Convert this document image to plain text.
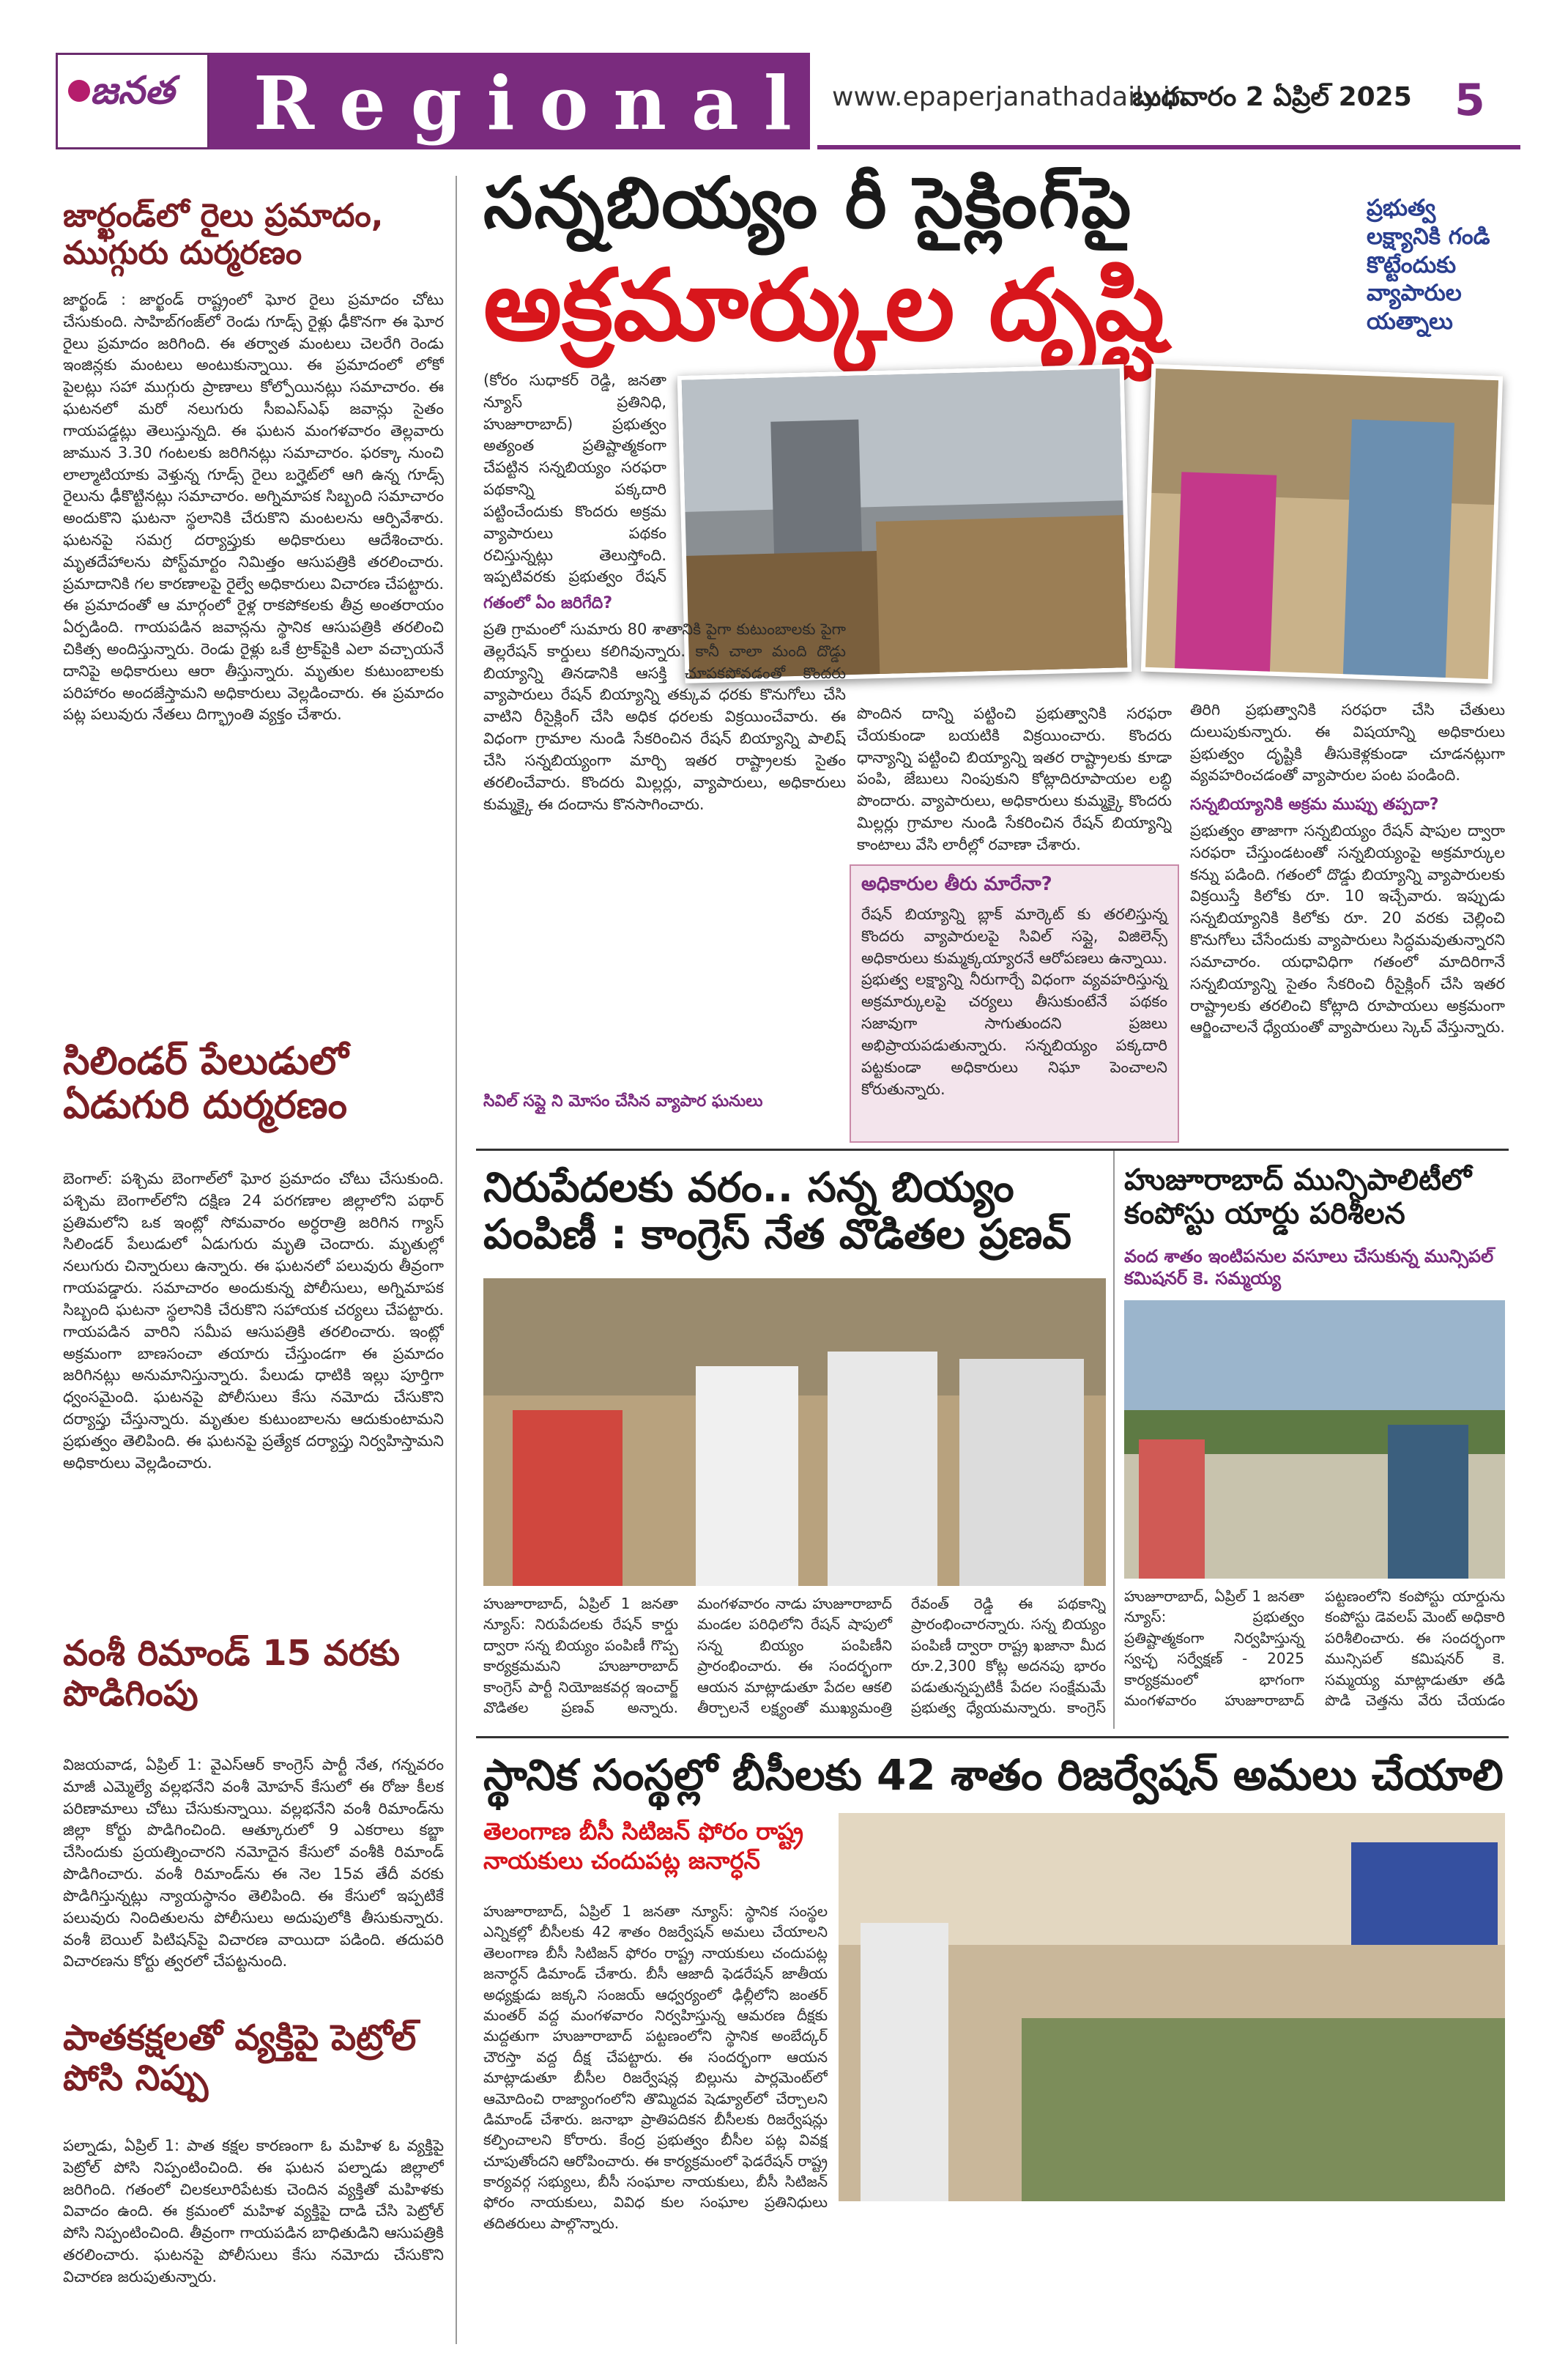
జనత Regional www.epaperjanathadaily.in
బుధవారం 2 ఏప్రిల్ 2025 5
జార్ఖండ్‌లో రైలు ప్రమాదం, ముగ్గురు దుర్మరణం
జార్ఖండ్ : జార్ఖండ్ రాష్ట్రంలో ఘోర రైలు ప్రమాదం చోటు చేసుకుంది. సాహిబ్‌గంజ్‌లో రెండు గూడ్స్ రైళ్లు ఢీకొనగా ఈ ఘోర రైలు ప్రమాదం జరిగింది. ఈ తర్వాత మంటలు చెలరేగి రెండు ఇంజిన్లకు మంటలు అంటుకున్నాయి. ఈ ప్రమాదంలో లోకో పైలట్లు సహా ముగ్గురు ప్రాణాలు కోల్పోయినట్లు సమాచారం. ఈ ఘటనలో మరో నలుగురు సీఐఎస్‌ఎఫ్ జవాన్లు సైతం గాయపడ్డట్లు తెలుస్తున్నది. ఈ ఘటన మంగళవారం తెల్లవారు జామున 3.30 గంటలకు జరిగినట్లు సమాచారం. ఫరక్కా నుంచి లాల్మాటియాకు వెళ్తున్న గూడ్స్ రైలు బర్హెట్‌లో ఆగి ఉన్న గూడ్స్ రైలును ఢీకొట్టినట్లు సమాచారం. అగ్నిమాపక సిబ్బంది సమాచారం అందుకొని ఘటనా స్థలానికి చేరుకొని మంటలను ఆర్పివేశారు. ఘటనపై సమగ్ర దర్యాప్తుకు అధికారులు ఆదేశించారు. మృతదేహాలను పోస్ట్‌మార్టం నిమిత్తం ఆసుపత్రికి తరలించారు. ప్రమాదానికి గల కారణాలపై రైల్వే అధికారులు విచారణ చేపట్టారు. ఈ ప్రమాదంతో ఆ మార్గంలో రైళ్ల రాకపోకలకు తీవ్ర అంతరాయం ఏర్పడింది. గాయపడిన జవాన్లను స్థానిక ఆసుపత్రికి తరలించి చికిత్స అందిస్తున్నారు. రెండు రైళ్లు ఒకే ట్రాక్‌పైకి ఎలా వచ్చాయనే దానిపై అధికారులు ఆరా తీస్తున్నారు. మృతుల కుటుంబాలకు పరిహారం అందజేస్తామని అధికారులు వెల్లడించారు. ఈ ప్రమాదం పట్ల పలువురు నేతలు దిగ్భ్రాంతి వ్యక్తం చేశారు.
సిలిండర్ పేలుడులో ఏడుగురి దుర్మరణం
బెంగాల్: పశ్చిమ బెంగాల్‌లో ఘోర ప్రమాదం చోటు చేసుకుంది. పశ్చిమ బెంగాల్‌లోని దక్షిణ 24 పరగణాల జిల్లాలోని పథార్ ప్రతిమలోని ఒక ఇంట్లో సోమవారం అర్ధరాత్రి జరిగిన గ్యాస్ సిలిండర్ పేలుడులో ఏడుగురు మృతి చెందారు. మృతుల్లో నలుగురు చిన్నారులు ఉన్నారు. ఈ ఘటనలో పలువురు తీవ్రంగా గాయపడ్డారు. సమాచారం అందుకున్న పోలీసులు, అగ్నిమాపక సిబ్బంది ఘటనా స్థలానికి చేరుకొని సహాయక చర్యలు చేపట్టారు. గాయపడిన వారిని సమీప ఆసుపత్రికి తరలించారు. ఇంట్లో అక్రమంగా బాణసంచా తయారు చేస్తుండగా ఈ ప్రమాదం జరిగినట్లు అనుమానిస్తున్నారు. పేలుడు ధాటికి ఇల్లు పూర్తిగా ధ్వంసమైంది. ఘటనపై పోలీసులు కేసు నమోదు చేసుకొని దర్యాప్తు చేస్తున్నారు. మృతుల కుటుంబాలను ఆదుకుంటామని ప్రభుత్వం తెలిపింది. ఈ ఘటనపై ప్రత్యేక దర్యాప్తు నిర్వహిస్తామని అధికారులు వెల్లడించారు.
వంశీ రిమాండ్ 15 వరకు పొడిగింపు
విజయవాడ, ఏప్రిల్ 1: వైఎస్ఆర్ కాంగ్రెస్ పార్టీ నేత, గన్నవరం మాజీ ఎమ్మెల్యే వల్లభనేని వంశీ మోహన్ కేసులో ఈ రోజు కీలక పరిణామాలు చోటు చేసుకున్నాయి. వల్లభనేని వంశీ రిమాండ్‌ను జిల్లా కోర్టు పొడిగించింది. ఆత్కూరులో 9 ఎకరాలు కబ్జా చేసిందుకు ప్రయత్నించారని నమోదైన కేసులో వంశీకి రిమాండ్ పొడిగించారు. వంశీ రిమాండ్‌ను ఈ నెల 15వ తేదీ వరకు పొడిగిస్తున్నట్లు న్యాయస్థానం తెలిపింది. ఈ కేసులో ఇప్పటికే పలువురు నిందితులను పోలీసులు అదుపులోకి తీసుకున్నారు. వంశీ బెయిల్ పిటిషన్‌పై విచారణ వాయిదా పడింది. తదుపరి విచారణను కోర్టు త్వరలో చేపట్టనుంది.
పాతకక్షలతో వ్యక్తిపై పెట్రోల్ పోసి నిప్పు
పల్నాడు, ఏప్రిల్ 1: పాత కక్షల కారణంగా ఓ మహిళ ఓ వ్యక్తిపై పెట్రోల్ పోసి నిప్పంటించింది. ఈ ఘటన పల్నాడు జిల్లాలో జరిగింది. గతంలో చిలకలూరిపేటకు చెందిన వ్యక్తితో మహిళకు వివాదం ఉంది. ఈ క్రమంలో మహిళ వ్యక్తిపై దాడి చేసి పెట్రోల్ పోసి నిప్పంటించింది. తీవ్రంగా గాయపడిన బాధితుడిని ఆసుపత్రికి తరలించారు. ఘటనపై పోలీసులు కేసు నమోదు చేసుకొని విచారణ జరుపుతున్నారు.
సన్నబియ్యం రీ సైక్లింగ్‌పై
అక్రమార్కుల దృష్టి
ప్రభుత్వ లక్ష్యానికి గండి కొట్టేందుకు వ్యాపారుల యత్నాలు
(కోరం సుధాకర్ రెడ్డి, జనతా న్యూస్ ప్రతినిధి, హుజూరాబాద్) ప్రభుత్వం అత్యంత ప్రతిష్టాత్మకంగా చేపట్టిన సన్నబియ్యం సరఫరా పథకాన్ని పక్కదారి పట్టించేందుకు కొందరు అక్రమ వ్యాపారులు పథకం రచిస్తున్నట్లు తెలుస్తోంది. ఇప్పటివరకు ప్రభుత్వం రేషన్
గతంలో ఏం జరిగేది?
ప్రతి గ్రామంలో సుమారు 80 శాతానికి పైగా కుటుంబాలకు పైగా తెల్లరేషన్ కార్డులు కలిగివున్నారు. కానీ చాలా మంది దొడ్డు బియ్యాన్ని తినడానికి ఆసక్తి చూపకపోవడంతో కొందరు వ్యాపారులు రేషన్ బియ్యాన్ని తక్కువ ధరకు కొనుగోలు చేసి వాటిని రీసైక్లింగ్ చేసి అధిక ధరలకు విక్రయించేవారు. ఈ విధంగా గ్రామాల నుండి సేకరించిన రేషన్ బియ్యాన్ని పాలిష్ చేసి సన్నబియ్యంగా మార్చి ఇతర రాష్ట్రాలకు సైతం తరలించేవారు. కొందరు మిల్లర్లు, వ్యాపారులు, అధికారులు కుమ్మక్కై ఈ దందాను కొనసాగించారు.
పొందిన దాన్ని పట్టించి ప్రభుత్వానికి సరఫరా చేయకుండా బయటికి విక్రయించారు. కొందరు ధాన్యాన్ని పట్టించి బియ్యాన్ని ఇతర రాష్ట్రాలకు కూడా పంపి, జేబులు నింపుకుని కోట్లాదిరూపాయల లబ్ధి పొందారు. వ్యాపారులు, అధికారులు కుమ్మక్కై కొందరు మిల్లర్లు గ్రామాల నుండి సేకరించిన రేషన్ బియ్యాన్ని కాంటాలు వేసి లారీల్లో రవాణా చేశారు.
అధికారుల తీరు మారేనా?
రేషన్ బియ్యాన్ని బ్లాక్ మార్కెట్ కు తరలిస్తున్న కొందరు వ్యాపారులపై సివిల్ సప్లై, విజిలెన్స్ అధికారులు కుమ్మక్కయ్యారనే ఆరోపణలు ఉన్నాయి. ప్రభుత్వ లక్ష్యాన్ని నీరుగార్చే విధంగా వ్యవహరిస్తున్న అక్రమార్కులపై చర్యలు తీసుకుంటేనే పథకం సజావుగా సాగుతుందని ప్రజలు అభిప్రాయపడుతున్నారు. సన్నబియ్యం పక్కదారి పట్టకుండా అధికారులు నిఘా పెంచాలని కోరుతున్నారు.
సివిల్ సప్లై ని మోసం చేసిన వ్యాపార ఘనులు
తిరిగి ప్రభుత్వానికి సరఫరా చేసి చేతులు దులుపుకున్నారు. ఈ విషయాన్ని అధికారులు ప్రభుత్వం దృష్టికి తీసుకెళ్లకుండా చూడనట్లుగా వ్యవహరించడంతో వ్యాపారుల పంట పండింది.
సన్నబియ్యానికి అక్రమ ముప్పు తప్పదా?
ప్రభుత్వం తాజాగా సన్నబియ్యం రేషన్ షాపుల ద్వారా సరఫరా చేస్తుండటంతో సన్నబియ్యంపై అక్రమార్కుల కన్ను పడింది. గతంలో దొడ్డు బియ్యాన్ని వ్యాపారులకు విక్రయిస్తే కిలోకు రూ. 10 ఇచ్చేవారు. ఇప్పుడు సన్నబియ్యానికి కిలోకు రూ. 20 వరకు చెల్లించి కొనుగోలు చేసేందుకు వ్యాపారులు సిద్ధమవుతున్నారని సమాచారం. యధావిధిగా గతంలో మాదిరిగానే సన్నబియ్యాన్ని సైతం సేకరించి రీసైక్లింగ్ చేసి ఇతర రాష్ట్రాలకు తరలించి కోట్లాది రూపాయలు అక్రమంగా ఆర్జించాలనే ధ్యేయంతో వ్యాపారులు స్కెచ్ వేస్తున్నారు.
నిరుపేదలకు వరం.. సన్న బియ్యం పంపిణీ : కాంగ్రెస్ నేత వొడితల ప్రణవ్
హుజూరాబాద్, ఏప్రిల్ 1 జనతా న్యూస్: నిరుపేదలకు రేషన్ కార్డు ద్వారా సన్న బియ్యం పంపిణీ గొప్ప కార్యక్రమమని హుజూరాబాద్ కాంగ్రెస్ పార్టీ నియోజకవర్గ ఇంచార్జ్ వొడితల ప్రణవ్ అన్నారు. మంగళవారం నాడు హుజూరాబాద్ మండల పరిధిలోని రేషన్ షాపులో సన్న బియ్యం పంపిణీని ప్రారంభించారు. ఈ సందర్భంగా ఆయన మాట్లాడుతూ పేదల ఆకలి తీర్చాలనే లక్ష్యంతో ముఖ్యమంత్రి రేవంత్ రెడ్డి ఈ పథకాన్ని ప్రారంభించారన్నారు. సన్న బియ్యం పంపిణీ ద్వారా రాష్ట్ర ఖజానా మీద రూ.2,300 కోట్ల అదనపు భారం పడుతున్నప్పటికీ పేదల సంక్షేమమే ప్రభుత్వ ధ్యేయమన్నారు. కాంగ్రెస్
హుజూరాబాద్ మున్సిపాలిటీలో కంపోస్టు యార్డు పరిశీలన
వంద శాతం ఇంటిపనుల వసూలు చేసుకున్న మున్సిపల్ కమిషనర్ కె. సమ్మయ్య
హుజూరాబాద్, ఏప్రిల్ 1 జనతా న్యూస్: ప్రభుత్వం ప్రతిష్టాత్మకంగా నిర్వహిస్తున్న స్వచ్ఛ సర్వేక్షణ్ - 2025 కార్యక్రమంలో భాగంగా మంగళవారం హుజూరాబాద్ పట్టణంలోని కంపోస్టు యార్డును కంపోస్టు డెవలప్ మెంట్ అధికారి పరిశీలించారు. ఈ సందర్భంగా మున్సిపల్ కమిషనర్ కె. సమ్మయ్య మాట్లాడుతూ తడి పొడి చెత్తను వేరు చేయడం
స్థానిక సంస్థల్లో బీసీలకు 42 శాతం రిజర్వేషన్ అమలు చేయాలి
తెలంగాణ బీసీ సిటిజన్ ఫోరం రాష్ట్ర నాయకులు చందుపట్ల జనార్ధన్
హుజూరాబాద్, ఏప్రిల్ 1 జనతా న్యూస్: స్థానిక సంస్థల ఎన్నికల్లో బీసీలకు 42 శాతం రిజర్వేషన్ అమలు చేయాలని తెలంగాణ బీసీ సిటిజన్ ఫోరం రాష్ట్ర నాయకులు చందుపట్ల జనార్ధన్ డిమాండ్ చేశారు. బీసీ ఆజాదీ ఫెడరేషన్ జాతీయ అధ్యక్షుడు జక్కని సంజయ్ ఆధ్వర్యంలో ఢిల్లీలోని జంతర్ మంతర్ వద్ద మంగళవారం నిర్వహిస్తున్న ఆమరణ దీక్షకు మద్దతుగా హుజూరాబాద్ పట్టణంలోని స్థానిక అంబేద్కర్ చౌరస్తా వద్ద దీక్ష చేపట్టారు. ఈ సందర్భంగా ఆయన మాట్లాడుతూ బీసీల రిజర్వేషన్ల బిల్లును పార్లమెంట్‌లో ఆమోదించి రాజ్యాంగంలోని తొమ్మిదవ షెడ్యూల్‌లో చేర్చాలని డిమాండ్ చేశారు. జనాభా ప్రాతిపదికన బీసీలకు రిజర్వేషన్లు కల్పించాలని కోరారు. కేంద్ర ప్రభుత్వం బీసీల పట్ల వివక్ష చూపుతోందని ఆరోపించారు. ఈ కార్యక్రమంలో ఫెడరేషన్ రాష్ట్ర కార్యవర్గ సభ్యులు, బీసీ సంఘాల నాయకులు, బీసీ సిటిజన్ ఫోరం నాయకులు, వివిధ కుల సంఘాల ప్రతినిధులు తదితరులు పాల్గొన్నారు.
